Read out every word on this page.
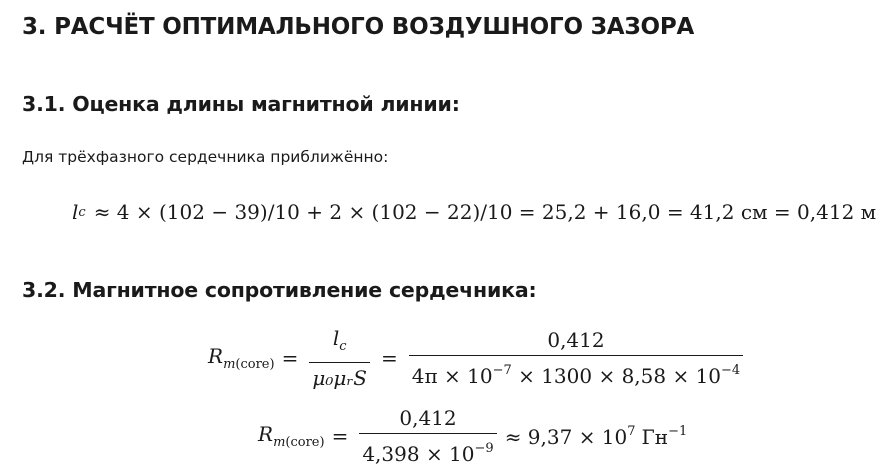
3. РАСЧЁТ ОПТИМАЛЬНОГО ВОЗДУШНОГО ЗАЗОРА
3.1. Оценка длины магнитной линии:

Для трёхфазного сердечника приближённо:

l c ≈ 4 × (102 − 39)/10 + 2 × (102 − 22)/10 = 25,2 + 16,0 = 41,2 см = 0,412 м
3.2. Магнитное сопротивление сердечника:
$R_{m(core)} = \frac{l_c}{\text{μ₀μᵣS}} = \frac{0,412}{4\pi \times 10^{-7} \times 1300 \times 8,58 \times 10^{-4}}$
$R_{m(core)} = \frac{0,412}{4,398 \times 10^{-9}} \approx 9,37 \times 10^7$ $Гн^{-1}$
